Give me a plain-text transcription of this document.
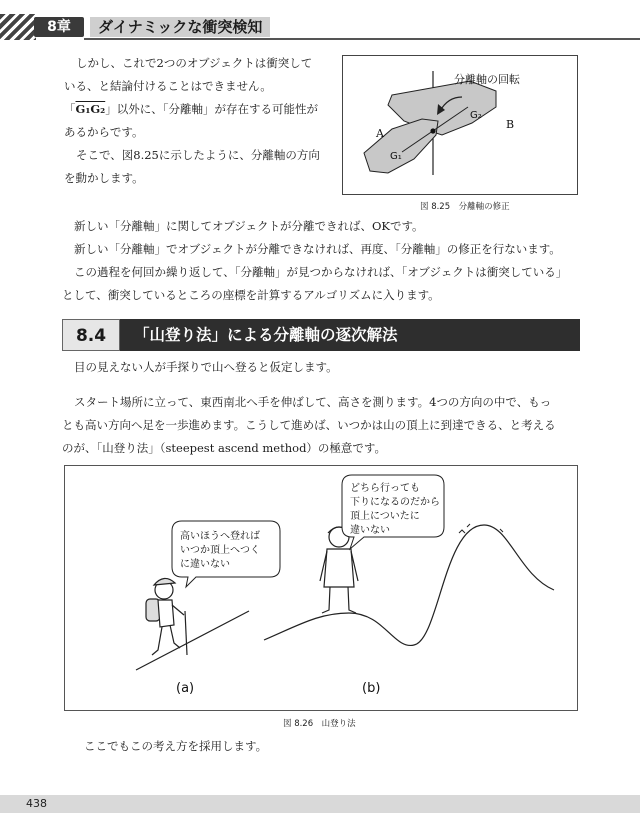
8章	ダイナミックな衝突検知
しかし、これで2つのオブジェクトは衝突して
いる、と結論付けることはできません。
「G₁G₂」以外に、「分離軸」が存在する可能性が
あるからです。
そこで、図8.25に示したように、分離軸の方向
を動かします。
分離軸の回転
G₂
B
A
G₁
図 8.25　分離軸の修正
新しい「分離軸」に関してオブジェクトが分離できれば、OKです。
新しい「分離軸」でオブジェクトが分離できなければ、再度、「分離軸」の修正を行ないます。
この過程を何回か繰り返して、「分離軸」が見つからなければ、「オブジェクトは衝突している」
として、衝突しているところの座標を計算するアルゴリズムに入ります。
8.4	「山登り法」による分離軸の逐次解法
目の見えない人が手探りで山へ登ると仮定します。
スタート場所に立って、東西南北へ手を伸ばして、高さを測ります。4つの方向の中で、もっ
とも高い方向へ足を一歩進めます。こうして進めば、いつかは山の頂上に到達できる、と考える
のが、「山登り法」（steepest ascend method）の極意です。
高いほうへ登れば
いつか頂上へつく
に違いない
どちら行っても
下りになるのだから
頂上についたに
違いない
(a)	(b)
図 8.26　山登り法
ここでもこの考え方を採用します。
438
